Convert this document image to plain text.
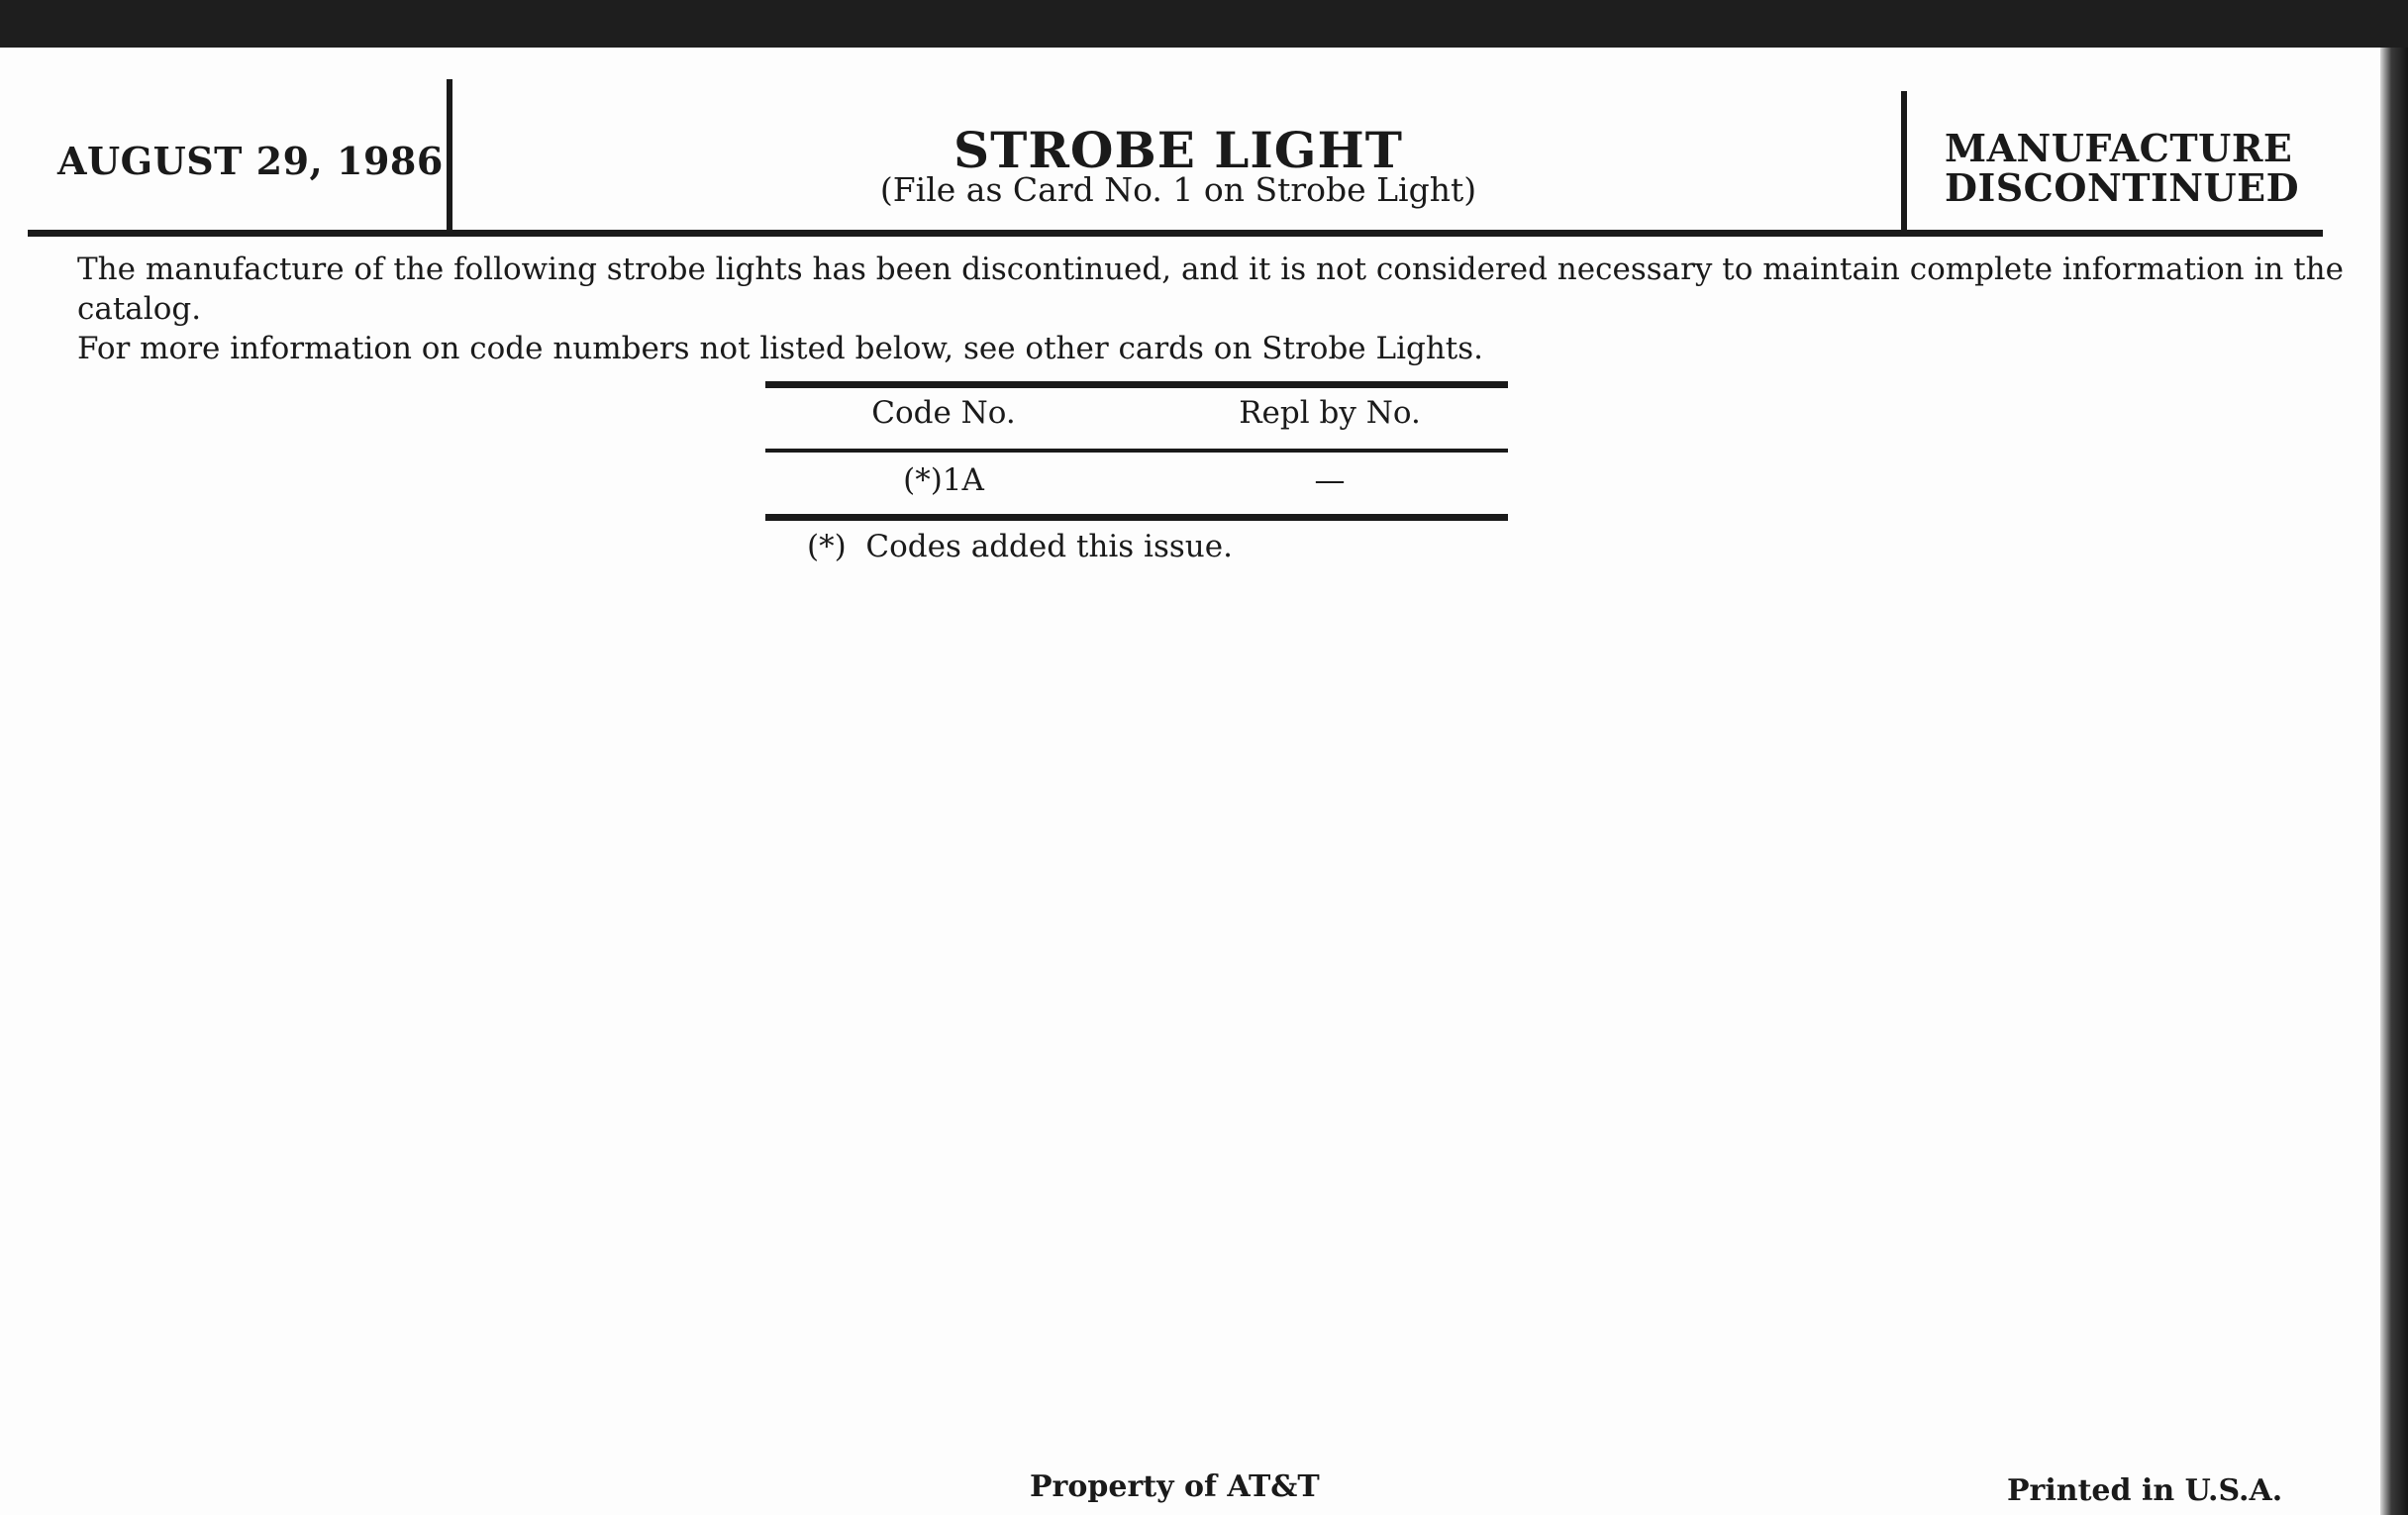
AUGUST 29, 1986	STROBE LIGHT
(File as Card No. 1 on Strobe Light)
MANUFACTURE
DISCONTINUED
The manufacture of the following strobe lights has been discontinued, and it is not considered necessary to maintain complete information in the catalog.
For more information on code numbers not listed below, see other cards on Strobe Lights.
Code No.	Repl by No.
(*)1A	—
(*)  Codes added this issue.
Property of AT&T	Printed in U.S.A.
